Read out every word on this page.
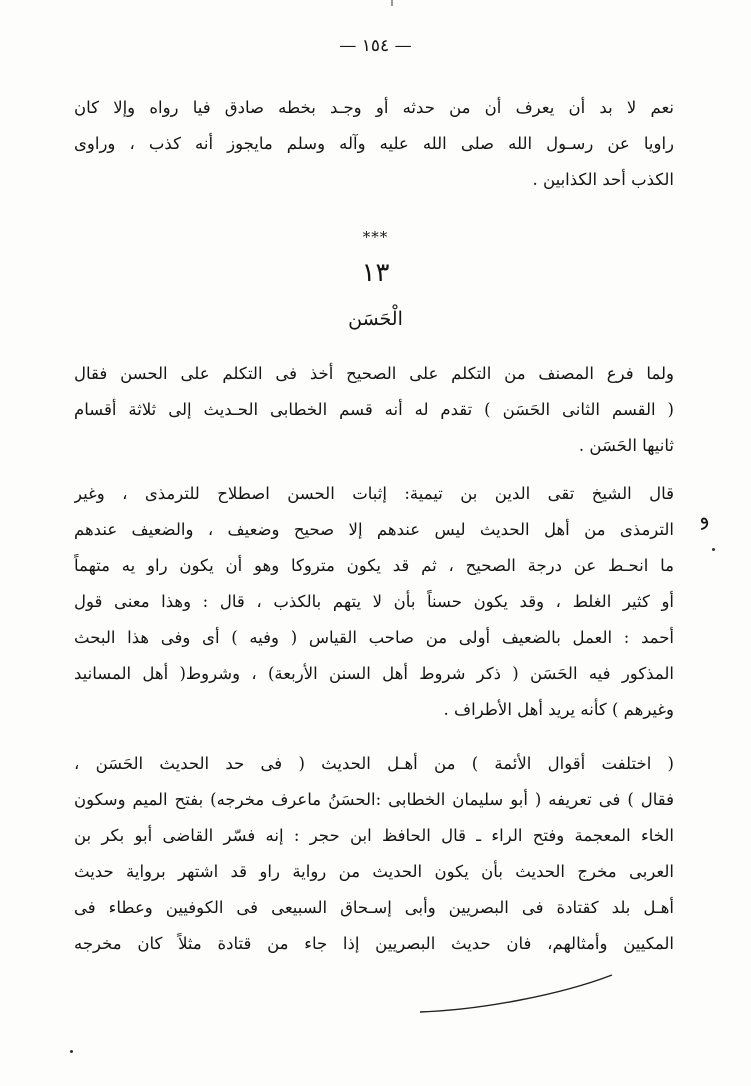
— ١٥٤ —
نعم لا بد أن يعرف أن من حدثه أو وجـد بخطه صادق فيا رواه وإلا كان
راويا عن رسـول الله صلى الله عليه وآله وسلم مايجوز أنه كذب ، وراوى
الكذب أحد الكذابين .
***
١٣
الْحَسَن
ولما فرع المصنف من التكلم على الصحيح أخذ فى التكلم على الحسن فقال
( القسم الثانى الحَسَن ) تقدم له أنه قسم الخطابى الحـديث إلى ثلاثة أقسام
ثانيها الحَسَن .
قال الشيخ تقى الدين بن تيمية: إثبات الحسن اصطلاح للترمذى ، وغير
الترمذى من أهل الحديث ليس عندهم إلا صحيح وضعيف ، والضعيف عندهم
ما انحـط عن درجة الصحيح ، ثم قد يكون متروكا وهو أن يكون راو يه متهماً
أو كثير الغلط ، وقد يكون حسناً بأن لا يتهم بالكذب ، قال : وهذا معنى قول
أحمد : العمل بالضعيف أولى من صاحب القياس ( وفيه ) أى وفى هذا البحث
المذكور فيه الحَسَن ( ذكر شروط أهل السنن الأربعة) ، وشروط( أهل المسانيد
وغيرهم ) كأنه يريد أهل الأطراف .
( اختلفت أقوال الأئمة ) من أهـل الحديث ( فى حد الحديث الحَسَن ،
فقال ) فى تعريفه ( أبو سليمان الخطابى :الحسَنُ ماعرف مخرجه) بفتح الميم وسكون
الخاء المعجمة وفتح الراء ـ قال الحافظ ابن حجر : إنه فسّر القاضى أبو بكر بن
العربى مخرج الحديث بأن يكون الحديث من رواية راو قد اشتهر برواية حديث
أهـل بلد كقتادة فى البصريين وأبى إسـحاق السبيعى فى الكوفيين وعطاء فى
المكيين وأمثالهم، فان حديث البصريين إذا جاء من قتادة مثلاً كان مخرجه
ﻭ
